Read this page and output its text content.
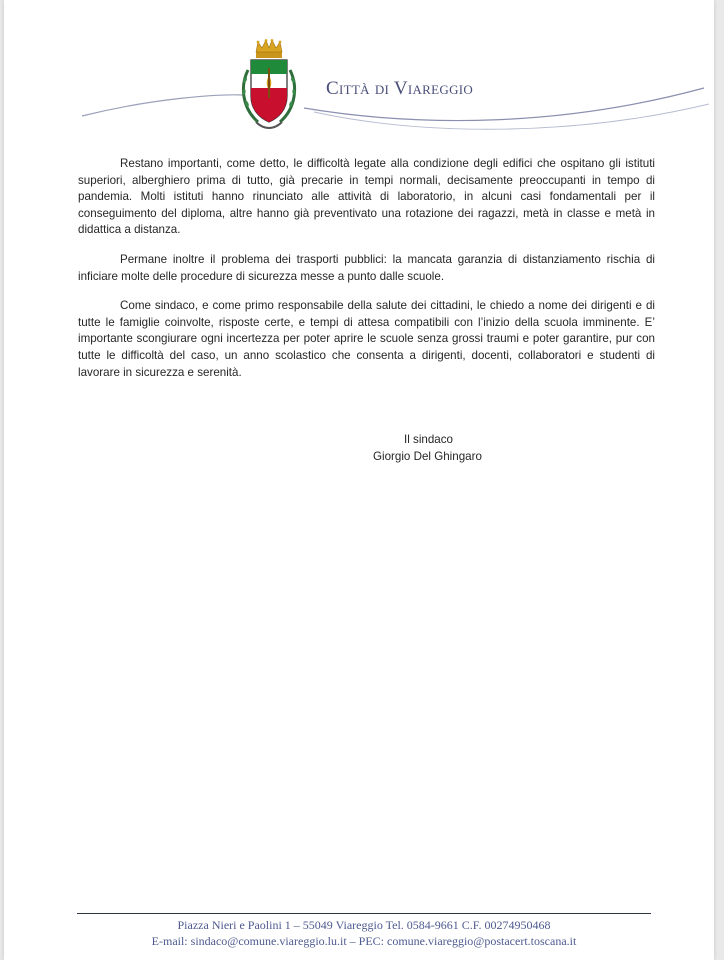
Città di Viareggio

Restano importanti, come detto, le difficoltà legate alla condizione degli edifici che ospitano gli istituti superiori, alberghiero prima di tutto, già precarie in tempi normali, decisamente preoccupanti in tempo di pandemia. Molti istituti hanno rinunciato alle attività di laboratorio, in alcuni casi fondamentali per il conseguimento del diploma, altre hanno già preventivato una rotazione dei ragazzi, metà in classe e metà in didattica a distanza.

Permane inoltre il problema dei trasporti pubblici: la mancata garanzia di distanziamento rischia di inficiare molte delle procedure di sicurezza messe a punto dalle scuole.

Come sindaco, e come primo responsabile della salute dei cittadini, le chiedo a nome dei dirigenti e di tutte le famiglie coinvolte, risposte certe, e tempi di attesa compatibili con l’inizio della scuola imminente. E’ importante scongiurare ogni incertezza per poter aprire le scuole senza grossi traumi e poter garantire, pur con tutte le difficoltà del caso, un anno scolastico che consenta a dirigenti, docenti, collaboratori e studenti di lavorare in sicurezza e serenità.

Il sindaco
Giorgio Del Ghingaro
Piazza Nieri e Paolini 1 – 55049 Viareggio Tel. 0584-9661 C.F. 00274950468
E-mail: sindaco@comune.viareggio.lu.it – PEC: comune.viareggio@postacert.toscana.it
